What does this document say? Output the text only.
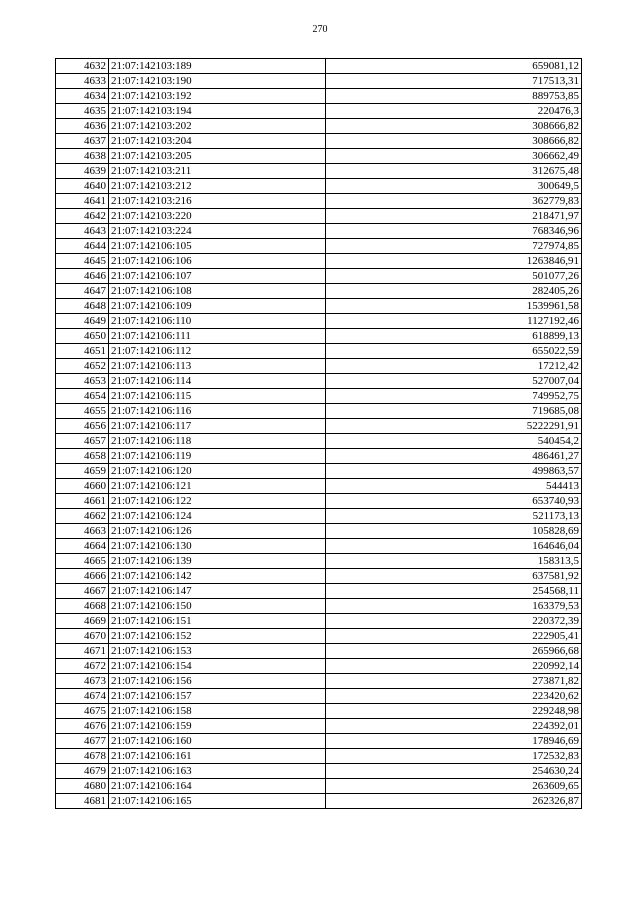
270
4632	21:07:142103:189	659081,12
4633	21:07:142103:190	717513,31
4634	21:07:142103:192	889753,85
4635	21:07:142103:194	220476,3
4636	21:07:142103:202	308666,82
4637	21:07:142103:204	308666,82
4638	21:07:142103:205	306662,49
4639	21:07:142103:211	312675,48
4640	21:07:142103:212	300649,5
4641	21:07:142103:216	362779,83
4642	21:07:142103:220	218471,97
4643	21:07:142103:224	768346,96
4644	21:07:142106:105	727974,85
4645	21:07:142106:106	1263846,91
4646	21:07:142106:107	501077,26
4647	21:07:142106:108	282405,26
4648	21:07:142106:109	1539961,58
4649	21:07:142106:110	1127192,46
4650	21:07:142106:111	618899,13
4651	21:07:142106:112	655022,59
4652	21:07:142106:113	17212,42
4653	21:07:142106:114	527007,04
4654	21:07:142106:115	749952,75
4655	21:07:142106:116	719685,08
4656	21:07:142106:117	5222291,91
4657	21:07:142106:118	540454,2
4658	21:07:142106:119	486461,27
4659	21:07:142106:120	499863,57
4660	21:07:142106:121	544413
4661	21:07:142106:122	653740,93
4662	21:07:142106:124	521173,13
4663	21:07:142106:126	105828,69
4664	21:07:142106:130	164646,04
4665	21:07:142106:139	158313,5
4666	21:07:142106:142	637581,92
4667	21:07:142106:147	254568,11
4668	21:07:142106:150	163379,53
4669	21:07:142106:151	220372,39
4670	21:07:142106:152	222905,41
4671	21:07:142106:153	265966,68
4672	21:07:142106:154	220992,14
4673	21:07:142106:156	273871,82
4674	21:07:142106:157	223420,62
4675	21:07:142106:158	229248,98
4676	21:07:142106:159	224392,01
4677	21:07:142106:160	178946,69
4678	21:07:142106:161	172532,83
4679	21:07:142106:163	254630,24
4680	21:07:142106:164	263609,65
4681	21:07:142106:165	262326,87
